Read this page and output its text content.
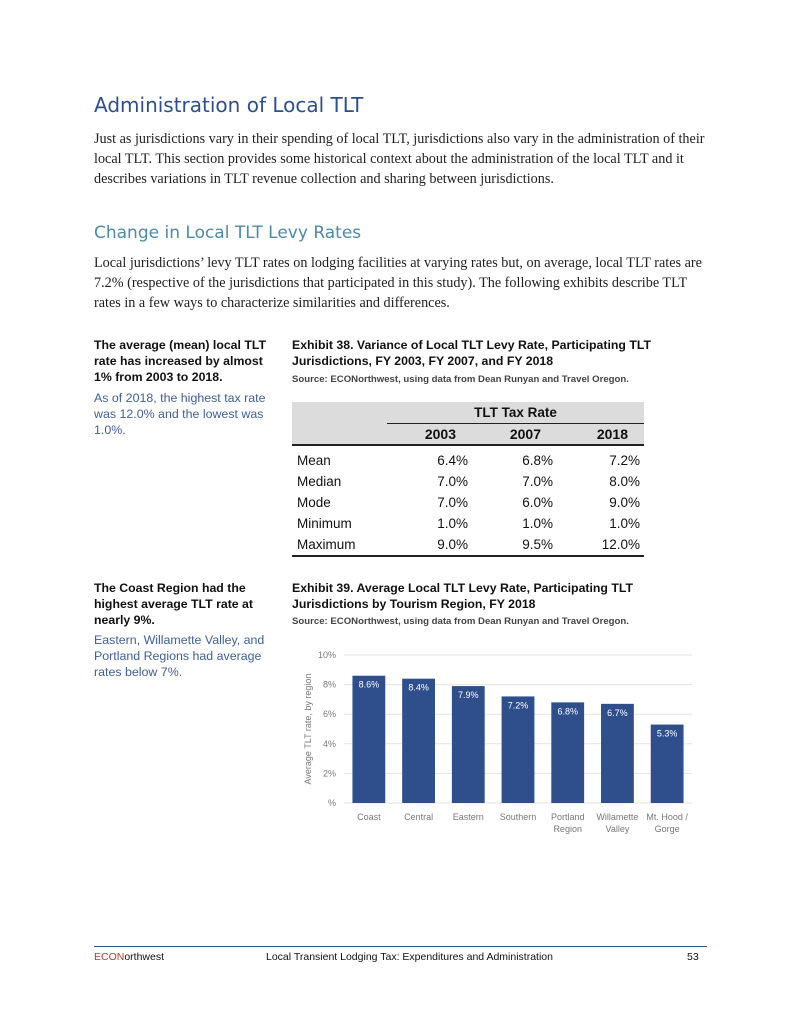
Administration of Local TLT

Just as jurisdictions vary in their spending of local TLT, jurisdictions also vary in the administration of their local TLT. This section provides some historical context about the administration of the local TLT and it describes variations in TLT revenue collection and sharing between jurisdictions.

Change in Local TLT Levy Rates

Local jurisdictions’ levy TLT rates on lodging facilities at varying rates but, on average, local TLT rates are 7.2% (respective of the jurisdictions that participated in this study). The following exhibits describe TLT rates in a few ways to characterize similarities and differences.

The average (mean) local TLT rate has increased by almost 1% from 2003 to 2018.

As of 2018, the highest tax rate was 12.0% and the lowest was 1.0%.

Exhibit 38. Variance of Local TLT Levy Rate, Participating TLT Jurisdictions, FY 2003, FY 2007, and FY 2018

Source: ECONorthwest, using data from Dean Runyan and Travel Oregon.

	TLT Tax Rate		
	2003	2007	2018
Mean	6.4%	6.8%	7.2%
Median	7.0%	7.0%	8.0%
Mode	7.0%	6.0%	9.0%
Minimum	1.0%	1.0%	1.0%
Maximum	9.0%	9.5%	12.0%

The Coast Region had the highest average TLT rate at nearly 9%.

Eastern, Willamette Valley, and Portland Regions had average rates below 7%.

Exhibit 39. Average Local TLT Levy Rate, Participating TLT Jurisdictions by Tourism Region, FY 2018

Source: ECONorthwest, using data from Dean Runyan and Travel Oregon.

%
2%
4%
6%
8%
10%
Average TLT rate, by region	8.6%
Coast
8.4%
Central
7.9%
Eastern
7.2%
Southern
6.8%
Portland
Region
6.7%
Willamette
Valley
5.3%
Mt. Hood /
Gorge
ECONorthwest	Local Transient Lodging Tax: Expenditures and Administration	53
